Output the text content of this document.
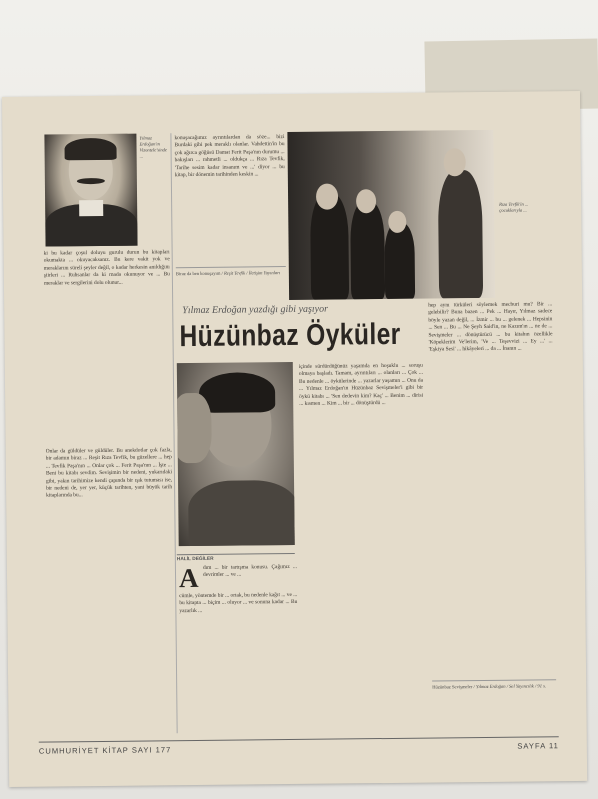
Yılmaz Erdoğan'ın Vizontele'sinde ...
ki bu kadar çoşul doluyu gurulu durun bu kitapları okumakta ... okuyacaksanız. Bu kere vakit yok ve meraklarını süreli şeyler değil, o kadar herkesin anıldığını şiirleri ... Ruhsanlar da ki rnada okunuyor ve ... Bu meraklar ve sergilerini dolu olunur...
Onlar da güldüler ve güldüler. Bu anekdotlar çok fazla, bir adamın biraz ... Reşit Rıza Tevfik, bu güzellere ... hep ... Tevfik Paşa'nın ... Onlar çok ... Ferit Paşa'nın ... İşte ... Beni bu kitabı sevdim. Sevişimin bir nedeni, yukarıdaki gibi, yakın tarihimize kendi çapında bir ışık tutuması ise, bir nedeni de, yer yer, küçük tarihten, yani büyük tarih kitaplarında bu...
konuşacağımız ayrıntılardan da söze... bizi Burdaki gibi pek meraklı olanlar. Vahdettin'in bu çok ağırca göğüsü Damat Ferit Paşa'nın durumu ... bakışları ... rahmetli ... oldukça ... Rıza Tevfik, 'Tarihe sesim kadar insanım ve ...' diyor ... bu kitap, bir dönemin tarihinden keskin ...
Biraz da ben konuşayım / Reşit Tevfik / İletişim Yayınları
Rıza Tevfik'in ... çocuklarıyla ...
Yılmaz Erdoğan yazdığı gibi yaşıyor
Hüzünbaz Öyküler
HALİL DEĞİLER
A dım ... bir tartışma konusu. Çağımız ... devrimler ... ve ...
cümle, yöntemde bir ... ortak, bu nedenle kağıt ... ve ... bu kitapta ... biçim ... oluyor ... ve sonuna kadar ... Bu yazarlık ...
içinde sürdürdüğünüz yaşamda en hoşuklu ... soruşu olmaya başladı. Tamam, ayrıntıları ... olanları ... Çok ... Bu nedenle ... öykülerinde ... yazarlar yaşamın ... Onu da ... Yılmaz Erdoğan'ın Hüzünbaz Sevişmeler'i gibi bir öykü kitabı ... 'Sen dedevin kim? Kaç' ... Benim ... dirisi ... kısmen ... Kim ... bir ... dönüştürdü ...
hep aynı türküleri söylemek mecburi mu? Bir ... gelebilir? Buna bazen ... Pek ... Hayır, Yılmaz sadece böyle yazan değil, ... İzmir ... bu ... gelenek ... Hepsinin ... Sen ... Bu ... Ne Şeyh Said'in, ne Kazım'ın ... ne de ... Sevişmeler ... dönüştürücü ... bu kitabın özellikle 'Köpeklerim Ve'lerim, 'Ve ... Teşevvizi ... Ey ...' ... 'Eşkiya Sesi' ... hikâyeleri ... da ... İnanın ...
Hüzünbaz Sevişmeler / Yılmaz Erdoğan / Sel Yayıncılık / 91 s.
CUMHURİYET KİTAP SAYI 177	SAYFA 11
